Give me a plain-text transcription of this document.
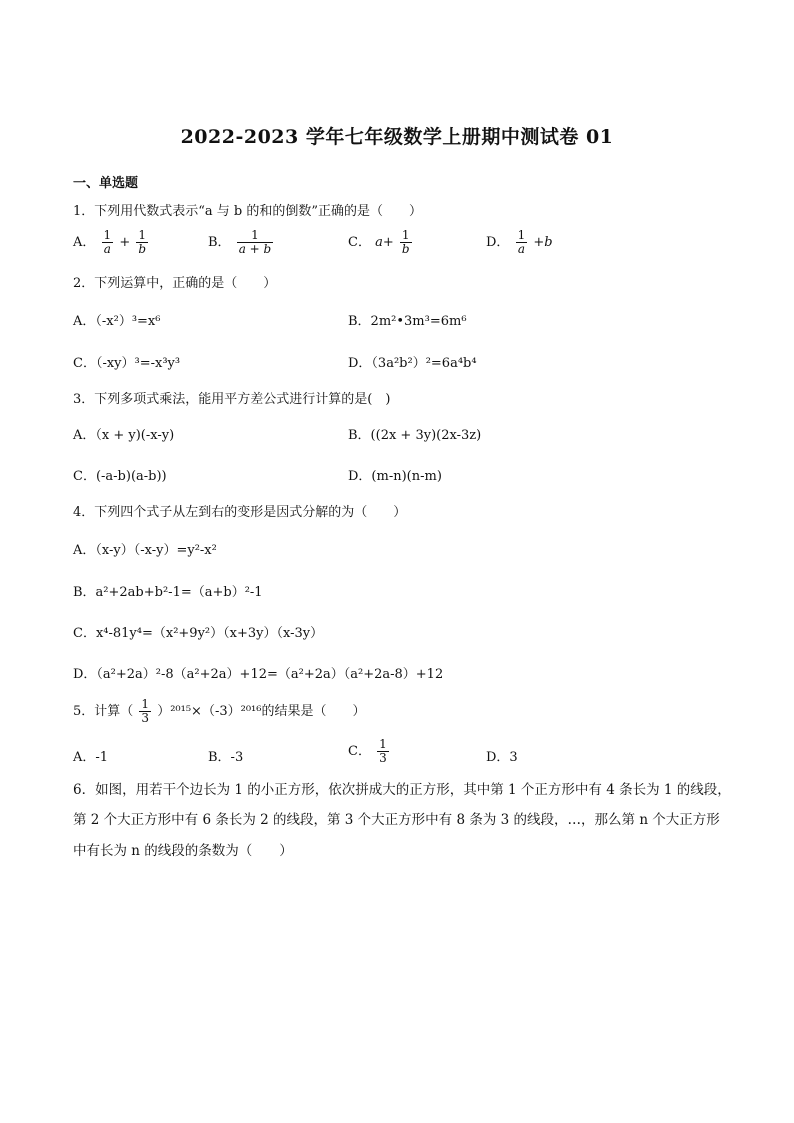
2022-2023 学年七年级数学上册期中测试卷 01
一、单选题
1．下列用代数式表示“a 与 b 的和的倒数”正确的是（　　）
A． $\frac{1}{a} + \frac{1}{b}$	B． $\frac{1}{a + b}$	C． $a+ \frac{1}{b}$	D． $\frac{1}{a} +b$
2．下列运算中，正确的是（　　）
A．（-x²）³=x⁶	B．2m²•3m³=6m⁶
C．（-xy）³=-x³y³	D．（3a²b²）²=6a⁴b⁴
3．下列多项式乘法，能用平方差公式进行计算的是(　)
A．（x + y)(-x-y)	B．((2x + 3y)(2x-3z)
C．(-a-b)(a-b))	D．(m-n)(n-m)
4．下列四个式子从左到右的变形是因式分解的为（　　）
A．（x-y）（-x-y）=y²-x²
B．a²+2ab+b²-1=（a+b）²-1
C．x⁴-81y⁴=（x²+9y²）（x+3y）（x-3y）
D．（a²+2a）²-8（a²+2a）+12=（a²+2a）（a²+2a-8）+12
5．计算（ $\frac{1}{3} )^{2015}\times(-3)^{2016}$的结果是（　　）
A．-1	B．-3	C． $\frac{1}{3}$	D．3
6．如图，用若干个边长为 1 的小正方形，依次拼成大的正方形，其中第 1 个正方形中有 4 条长为 1 的线段，
第 2 个大正方形中有 6 条长为 2 的线段，第 3 个大正方形中有 8 条为 3 的线段，…，那么第 n 个大正方形
中有长为 n 的线段的条数为（　　）
